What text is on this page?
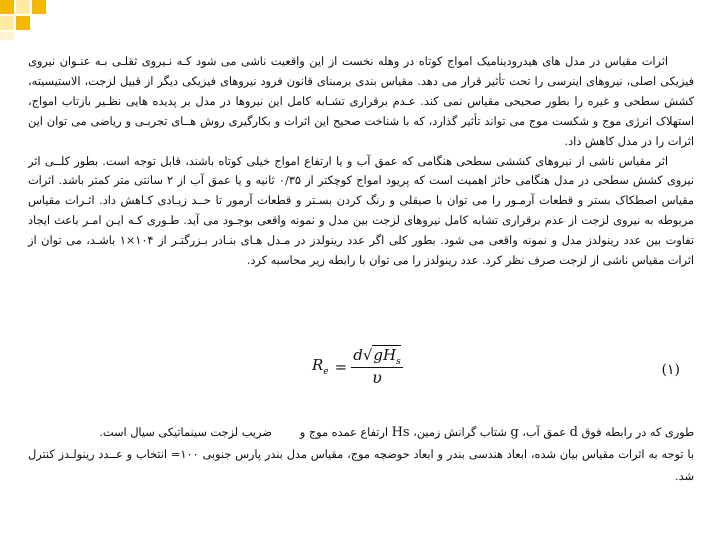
اثرات مقیاس در مدل های هیدرودینامیک امواج کوتاه در وهله نخست از این واقعیت ناشی می شود کـه نـیروی ثقلـی بـه عنـوان نیروی فیزیکی اصلی، نیروهای اینرسی را تحت تأثیر قرار می دهد. مقیاس بندی برمبنای قانون فرود نیروهای فیزیکی دیگر از قبیل لزجت، الاستیسیته، کشش سطحی و غیره را بطور صحیحی مقیاس نمی کند. عـدم برقراری تشـابه کامل این نیروها در مدل بر پدیده هایی نظـیر بازتاب امواج، استهلاک انرژی موج و شکست موج می تواند تأثیر گذارد، که با شناخت صحیح این اثرات و بکارگیری روش هــای تجربـی و ریاضی می توان این اثرات را در مدل کاهش داد.

اثر مقیاس ناشی از نیروهای کششی سطحی هنگامی که عمق آب و یا ارتفاع امواج خیلی کوتاه باشند، قابل توجه است. بطور کلــی اثر نیروی کشش سطحی در مدل هنگامی حائز اهمیت است که پریود امواج کوچکتر از ۰/۳۵ ثانیه و یا عمق آب از ۲ سانتی متر کمتر باشد. اثرات مقیاس اصطکاک بستر و قطعات آرمـور را می توان با صیقلی و رنگ کردن بسـتر و قطعات آرمور تا حــد زیـادی کـاهش داد. اثـرات مقیاس مربوطه به نیروی لزجت از عدم برقراری تشابه کامل نیروهای لزجت بین مدل و نمونه واقعی بوجـود می آید. طـوری کـه ایـن امـر باعث ایجاد تفاوت بین عدد رینولدز مدل و نمونه واقعی می شود. بطور کلی اگر عدد رینولدز در مـدل هـای بنـادر بـزرگتـر از ۱۰۴×۱ باشـد، می توان از اثرات مقیاس ناشی از لزجت صرف نظر کرد. عدد رینولدز را می توان با رابطه زیر محاسبه کرد.

$R_e = \frac{d√gH_s}{\upsilon}$	(۱)

طوری که در رابطه فوق d عمق آب، g شتاب گرانش زمین، Hs ارتفاع عمده موج وضریب لزجت سینماتیکی سیال است.

با توجه به اثرات مقیاس بیان شده، ابعاد هندسی بندر و ابعاد حوضچه موج، مقیاس مدل بندر پارس جنوبی ۱۰۰= انتخاب و عــدد رینولـدز کنترل شد.
